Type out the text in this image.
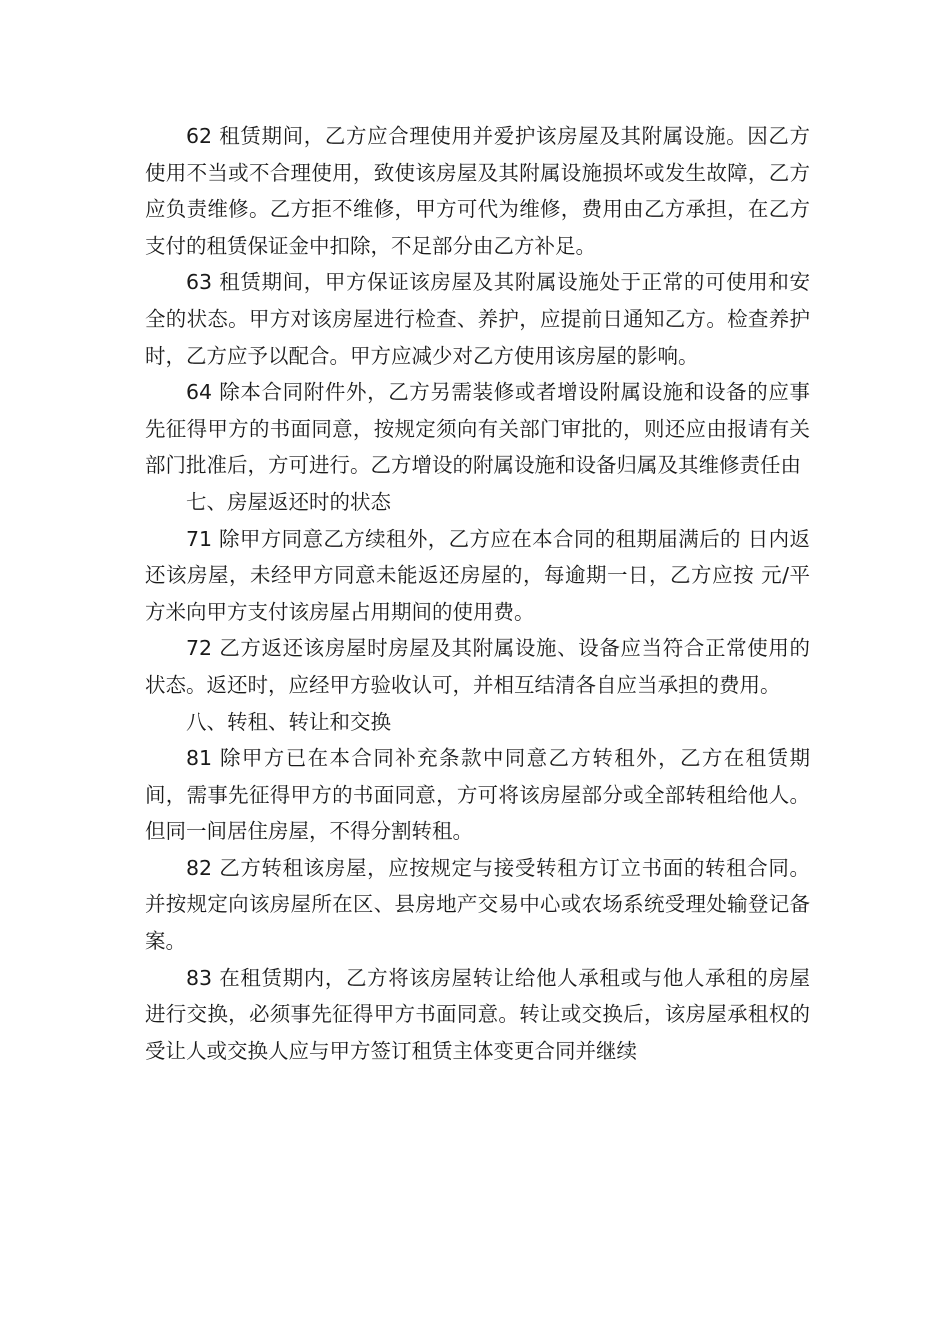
62 租赁期间，乙方应合理使用并爱护该房屋及其附属设施。因乙方使用不当或不合理使用，致使该房屋及其附属设施损坏或发生故障，乙方应负责维修。乙方拒不维修，甲方可代为维修，费用由乙方承担，在乙方支付的租赁保证金中扣除，不足部分由乙方补足。

63 租赁期间，甲方保证该房屋及其附属设施处于正常的可使用和安全的状态。甲方对该房屋进行检查、养护，应提前日通知乙方。检查养护时，乙方应予以配合。甲方应减少对乙方使用该房屋的影响。

64 除本合同附件外，乙方另需装修或者增设附属设施和设备的应事先征得甲方的书面同意，按规定须向有关部门审批的，则还应由报请有关部门批准后，方可进行。乙方增设的附属设施和设备归属及其维修责任由

七、房屋返还时的状态

71 除甲方同意乙方续租外，乙方应在本合同的租期届满后的 日内返还该房屋，未经甲方同意未能返还房屋的，每逾期一日，乙方应按 元/平方米向甲方支付该房屋占用期间的使用费。

72 乙方返还该房屋时房屋及其附属设施、设备应当符合正常使用的状态。返还时，应经甲方验收认可，并相互结清各自应当承担的费用。

八、转租、转让和交换

81 除甲方已在本合同补充条款中同意乙方转租外，乙方在租赁期间，需事先征得甲方的书面同意，方可将该房屋部分或全部转租给他人。但同一间居住房屋，不得分割转租。

82 乙方转租该房屋，应按规定与接受转租方订立书面的转租合同。并按规定向该房屋所在区、县房地产交易中心或农场系统受理处输登记备案。

83 在租赁期内，乙方将该房屋转让给他人承租或与他人承租的房屋进行交换，必须事先征得甲方书面同意。转让或交换后，该房屋承租权的受让人或交换人应与甲方签订租赁主体变更合同并继续
